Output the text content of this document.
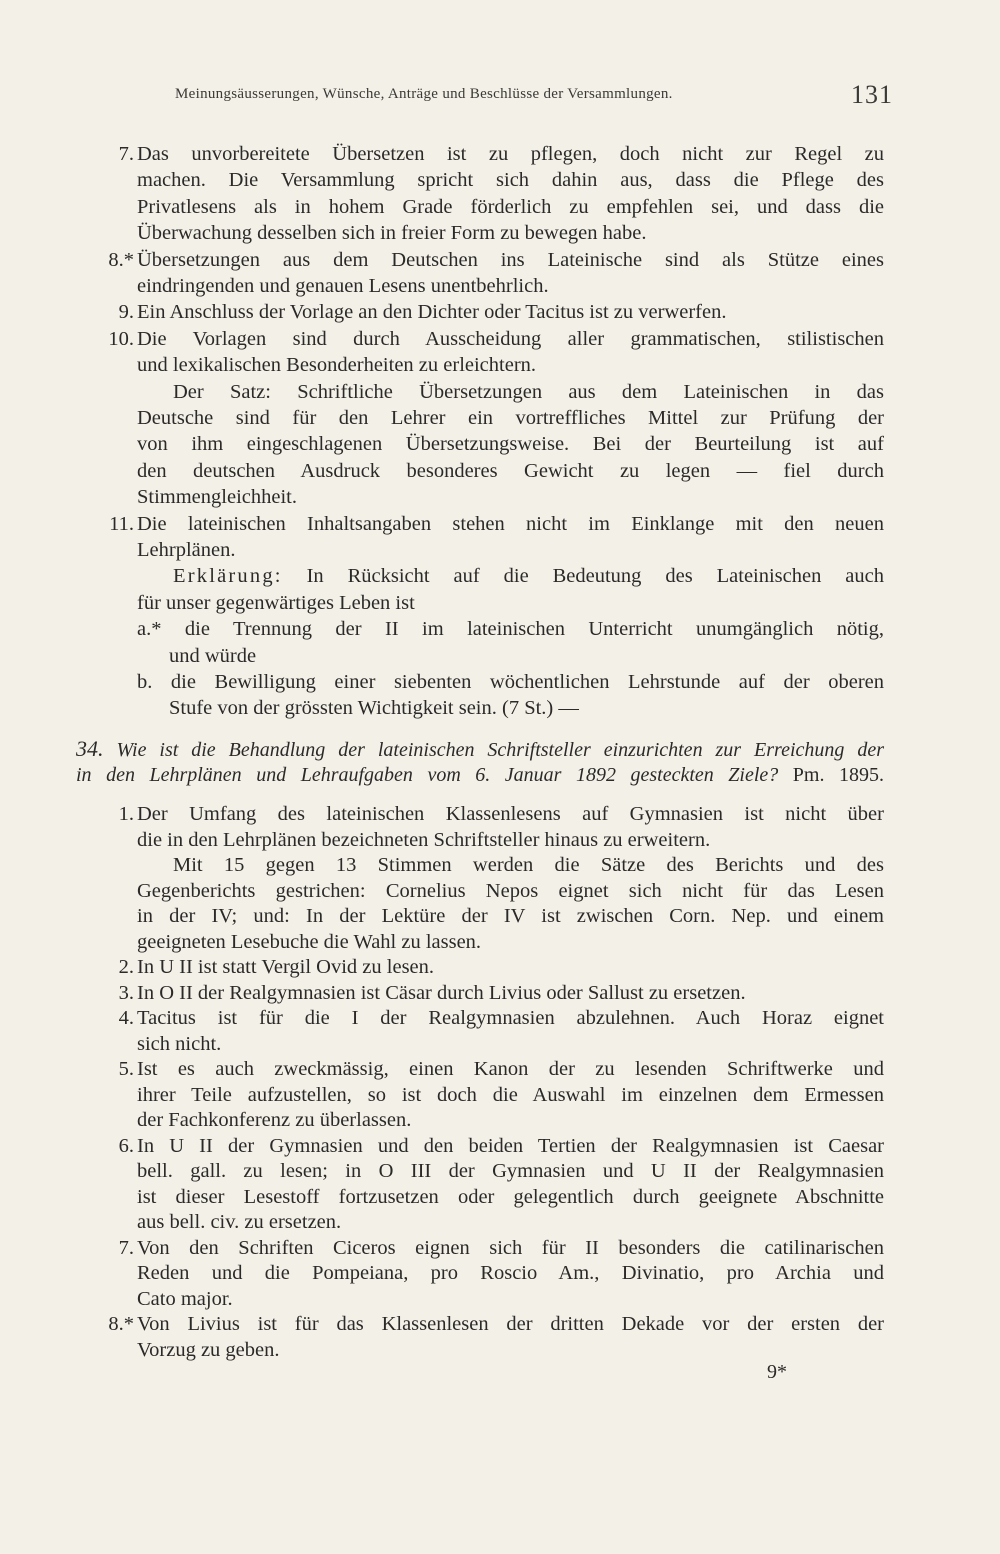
Meinungsäusserungen, Wünsche, Anträge und Beschlüsse der Versammlungen.	131
7. Das unvorbereitete Übersetzen ist zu pflegen, doch nicht zur Regel zu
machen. Die Versammlung spricht sich dahin aus, dass die Pflege des
Privatlesens als in hohem Grade förderlich zu empfehlen sei, und dass die
Überwachung desselben sich in freier Form zu bewegen habe.
8.* Übersetzungen aus dem Deutschen ins Lateinische sind als Stütze eines
eindringenden und genauen Lesens unentbehrlich.
9. Ein Anschluss der Vorlage an den Dichter oder Tacitus ist zu verwerfen.
10. Die Vorlagen sind durch Ausscheidung aller grammatischen, stilistischen
und lexikalischen Besonderheiten zu erleichtern.
Der Satz: Schriftliche Übersetzungen aus dem Lateinischen in das
Deutsche sind für den Lehrer ein vortreffliches Mittel zur Prüfung der
von ihm eingeschlagenen Übersetzungsweise. Bei der Beurteilung ist auf
den deutschen Ausdruck besonderes Gewicht zu legen — fiel durch
Stimmengleichheit.
11. Die lateinischen Inhaltsangaben stehen nicht im Einklange mit den neuen
Lehrplänen.
Erklärung: In Rücksicht auf die Bedeutung des Lateinischen auch
für unser gegenwärtiges Leben ist
a.* die Trennung der II im lateinischen Unterricht unumgänglich nötig,
und würde
b. die Bewilligung einer siebenten wöchentlichen Lehrstunde auf der oberen
Stufe von der grössten Wichtigkeit sein. (7 St.) —
34. Wie ist die Behandlung der lateinischen Schriftsteller einzurichten zur Erreichung der
in den Lehrplänen und Lehraufgaben vom 6. Januar 1892 gesteckten Ziele? Pm. 1895.
1. Der Umfang des lateinischen Klassenlesens auf Gymnasien ist nicht über
die in den Lehrplänen bezeichneten Schriftsteller hinaus zu erweitern.
Mit 15 gegen 13 Stimmen werden die Sätze des Berichts und des
Gegenberichts gestrichen: Cornelius Nepos eignet sich nicht für das Lesen
in der IV; und: In der Lektüre der IV ist zwischen Corn. Nep. und einem
geeigneten Lesebuche die Wahl zu lassen.
2. In U II ist statt Vergil Ovid zu lesen.
3. In O II der Realgymnasien ist Cäsar durch Livius oder Sallust zu ersetzen.
4. Tacitus ist für die I der Realgymnasien abzulehnen. Auch Horaz eignet
sich nicht.
5. Ist es auch zweckmässig, einen Kanon der zu lesenden Schriftwerke und
ihrer Teile aufzustellen, so ist doch die Auswahl im einzelnen dem Ermessen
der Fachkonferenz zu überlassen.
6. In U II der Gymnasien und den beiden Tertien der Realgymnasien ist Caesar
bell. gall. zu lesen; in O III der Gymnasien und U II der Realgymnasien
ist dieser Lesestoff fortzusetzen oder gelegentlich durch geeignete Abschnitte
aus bell. civ. zu ersetzen.
7. Von den Schriften Ciceros eignen sich für II besonders die catilinarischen
Reden und die Pompeiana, pro Roscio Am., Divinatio, pro Archia und
Cato major.
8.* Von Livius ist für das Klassenlesen der dritten Dekade vor der ersten der
Vorzug zu geben.
9*
